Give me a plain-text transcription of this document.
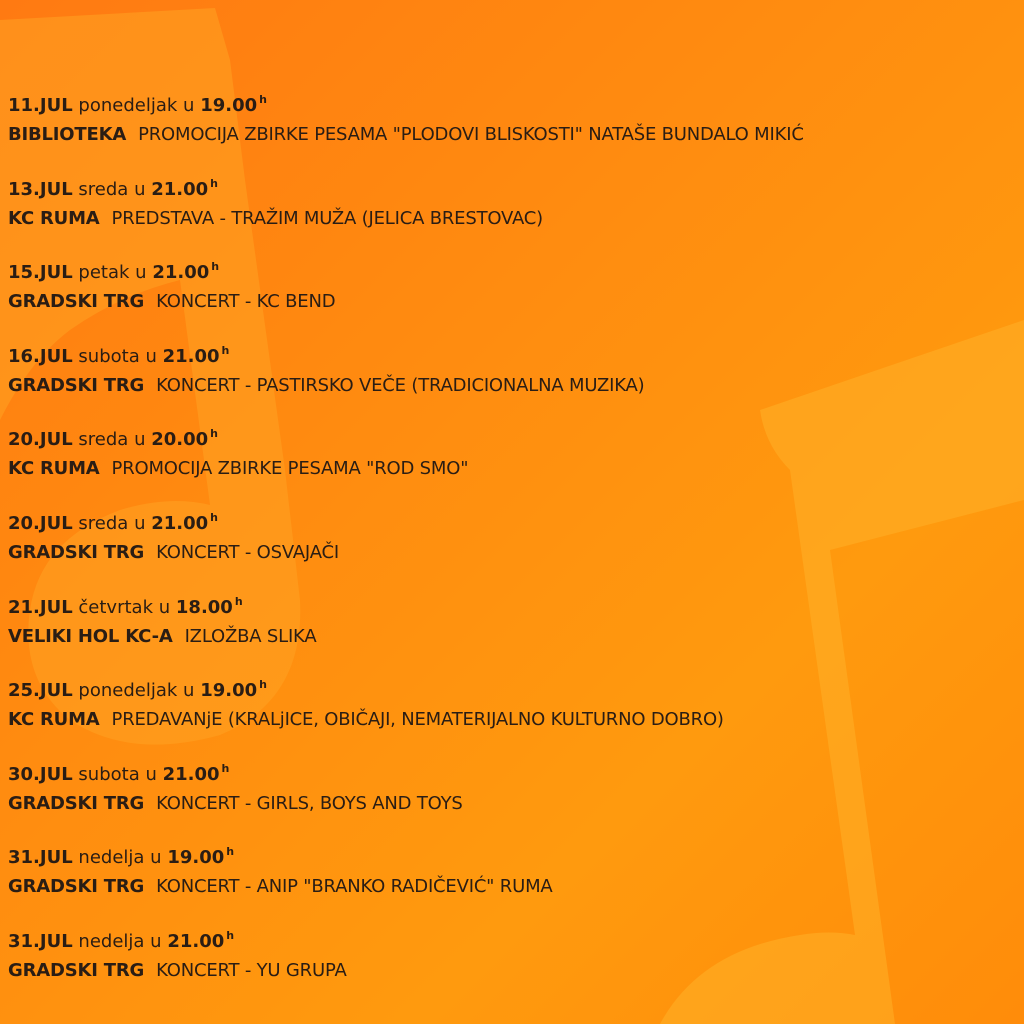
11.JUL ponedeljak u 19.00 $^h$
BIBLIOTEKA PROMOCIJA ZBIRKE PESAMA "PLODOVI BLISKOSTI" NATAŠE BUNDALO MIKIĆ
13.JUL sreda u 21.00 $^h$
KC RUMA PREDSTAVA - TRAŽIM MUŽA (JELICA BRESTOVAC)
15.JUL petak u 21.00 $^h$
GRADSKI TRG KONCERT - KC BEND
16.JUL subota u 21.00 $^h$
GRADSKI TRG KONCERT - PASTIRSKO VEČE (TRADICIONALNA MUZIKA)
20.JUL sreda u 20.00 $^h$
KC RUMA PROMOCIJA ZBIRKE PESAMA "ROD SMO"
20.JUL sreda u 21.00 $^h$
GRADSKI TRG KONCERT - OSVAJAČI
21.JUL četvrtak u 18.00 $^h$
VELIKI HOL KC-A IZLOŽBA SLIKA
25.JUL ponedeljak u 19.00 $^h$
KC RUMA PREDAVANjE (KRALjICE, OBIČAJI, NEMATERIJALNO KULTURNO DOBRO)
30.JUL subota u 21.00 $^h$
GRADSKI TRG KONCERT - GIRLS, BOYS AND TOYS
31.JUL nedelja u 19.00 $^h$
GRADSKI TRG KONCERT - ANIP "BRANKO RADIČEVIĆ" RUMA
31.JUL nedelja u 21.00 $^h$
GRADSKI TRG KONCERT - YU GRUPA
